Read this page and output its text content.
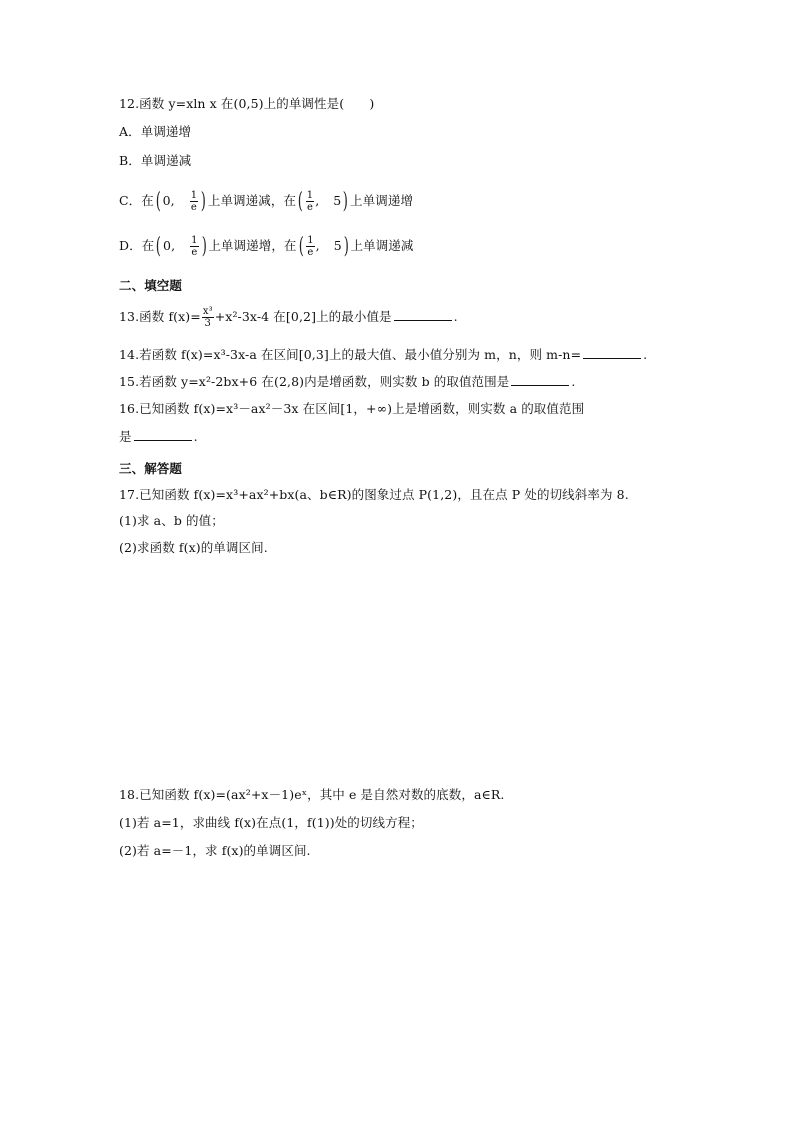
12.函数 y=xln x 在(0,5)上的单调性是(　　)
A．单调递增
B．单调递减
C．在( 0, $\frac{1}{e}$ ) 上单调递减，在( $\frac{1}{e}$ , 5) 上单调递增
D．在( 0, $\frac{1}{e}$ ) 上单调递增，在( $\frac{1}{e}$ , 5) 上单调递减
二、填空题
13.函数 $f(x)= \frac{\text{x³}}{3} +x^2-3x-4$ 在[0,2]上的最小值是	.
14.若函数 f(x)=x³-3x-a 在区间[0,3]上的最大值、最小值分别为 m，n，则 m-n=	.
15.若函数 y=x²-2bx+6 在(2,8)内是增函数，则实数 b 的取值范围是	.
16.已知函数 f(x)=x³－ax²－3x 在区间[1，+∞)上是增函数，则实数 a 的取值范围
是	.
三、解答题
17.已知函数 f(x)=x³+ax²+bx(a、b∈R)的图象过点 P(1,2)，且在点 P 处的切线斜率为 8.
(1)求 a、b 的值；
(2)求函数 f(x)的单调区间.
18.已知函数 f(x)=(ax²+x－1)eˣ，其中 e 是自然对数的底数，a∈R.
(1)若 a=1，求曲线 f(x)在点(1，f(1))处的切线方程；
(2)若 a=－1，求 f(x)的单调区间.
